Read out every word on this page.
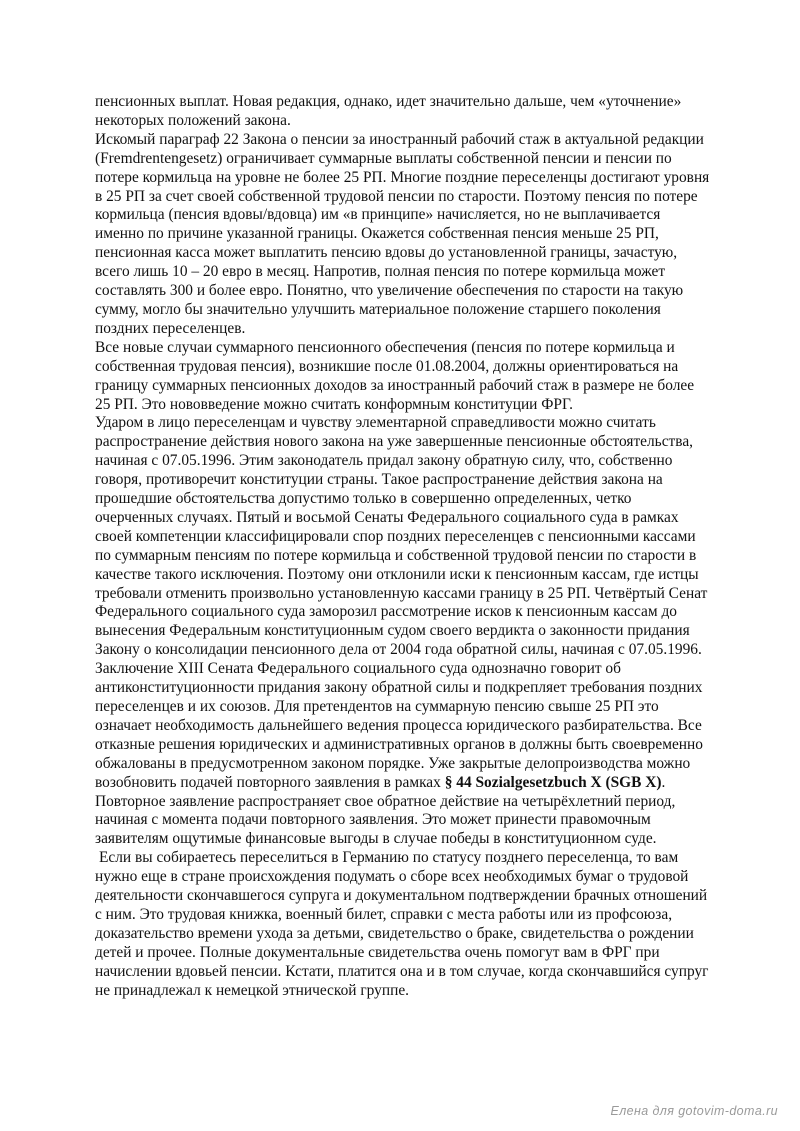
пенсионных выплат. Новая редакция, однако, идет значительно дальше, чем «уточнение» некоторых положений закона.

Искомый параграф 22 Закона о пенсии за иностранный рабочий стаж в актуальной редакции (Fremdrentengesetz) ограничивает суммарные выплаты собственной пенсии и пенсии по потере кормильца на уровне не более 25 РП. Многие поздние переселенцы достигают уровня в 25 РП за счет своей собственной трудовой пенсии по старости. Поэтому пенсия по потере кормильца (пенсия вдовы/вдовца) им «в принципе» начисляется, но не выплачивается именно по причине указанной границы. Окажется собственная пенсия меньше 25 РП, пенсионная касса может выплатить пенсию вдовы до установленной границы, зачастую, всего лишь 10 – 20 евро в месяц. Напротив, полная пенсия по потере кормильца может составлять 300 и более евро. Понятно, что увеличение обеспечения по старости на такую сумму, могло бы значительно улучшить материальное положение старшего поколения поздних переселенцев.

Все новые случаи суммарного пенсионного обеспечения (пенсия по потере кормильца и собственная трудовая пенсия), возникшие после 01.08.2004, должны ориентироваться на границу суммарных пенсионных доходов за иностранный рабочий стаж в размере не более 25 РП. Это нововведение можно считать конформным конституции ФРГ.

Ударом в лицо переселенцам и чувству элементарной справедливости можно считать распространение действия нового закона на уже завершенные пенсионные обстоятельства, начиная с 07.05.1996. Этим законодатель придал закону обратную силу, что, собственно говоря, противоречит конституции страны. Такое распространение действия закона на прошедшие обстоятельства допустимо только в совершенно определенных, четко очерченных случаях. Пятый и восьмой Сенаты Федерального социального суда в рамках своей компетенции классифицировали спор поздних переселенцев с пенсионными кассами по суммарным пенсиям по потере кормильца и собственной трудовой пенсии по старости в качестве такого исключения. Поэтому они отклонили иски к пенсионным кассам, где истцы требовали отменить произвольно установленную кассами границу в 25 РП. Четвёртый Сенат Федерального социального суда заморозил рассмотрение исков к пенсионным кассам до вынесения Федеральным конституционным судом своего вердикта о законности придания Закону о консолидации пенсионного дела от 2004 года обратной силы, начиная с 07.05.1996.

Заключение XIII Сената Федерального социального суда однозначно говорит об антиконституционности придания закону обратной силы и подкрепляет требования поздних переселенцев и их союзов. Для претендентов на суммарную пенсию свыше 25 РП это означает необходимость дальнейшего ведения процесса юридического разбирательства. Все отказные решения юридических и административных органов в должны быть своевременно обжалованы в предусмотренном законом порядке. Уже закрытые делопроизводства можно возобновить подачей повторного заявления в рамках § 44 Sozialgesetzbuch X (SGB X). Повторное заявление распространяет свое обратное действие на четырёхлетний период, начиная с момента подачи повторного заявления. Это может принести правомочным заявителям ощутимые финансовые выгоды в случае победы в конституционном суде.

Если вы собираетесь переселиться в Германию по статусу позднего переселенца, то вам нужно еще в стране происхождения подумать о сборе всех необходимых бумаг о трудовой деятельности скончавшегося супруга и документальном подтверждении брачных отношений с ним. Это трудовая книжка, военный билет, справки с места работы или из профсоюза, доказательство времени ухода за детьми, свидетельство о браке, свидетельства о рождении детей и прочее. Полные документальные свидетельства очень помогут вам в ФРГ при начислении вдовьей пенсии. Кстати, платится она и в том случае, когда скончавшийся супруг не принадлежал к немецкой этнической группе.

Елена для gotovim-doma.ru
